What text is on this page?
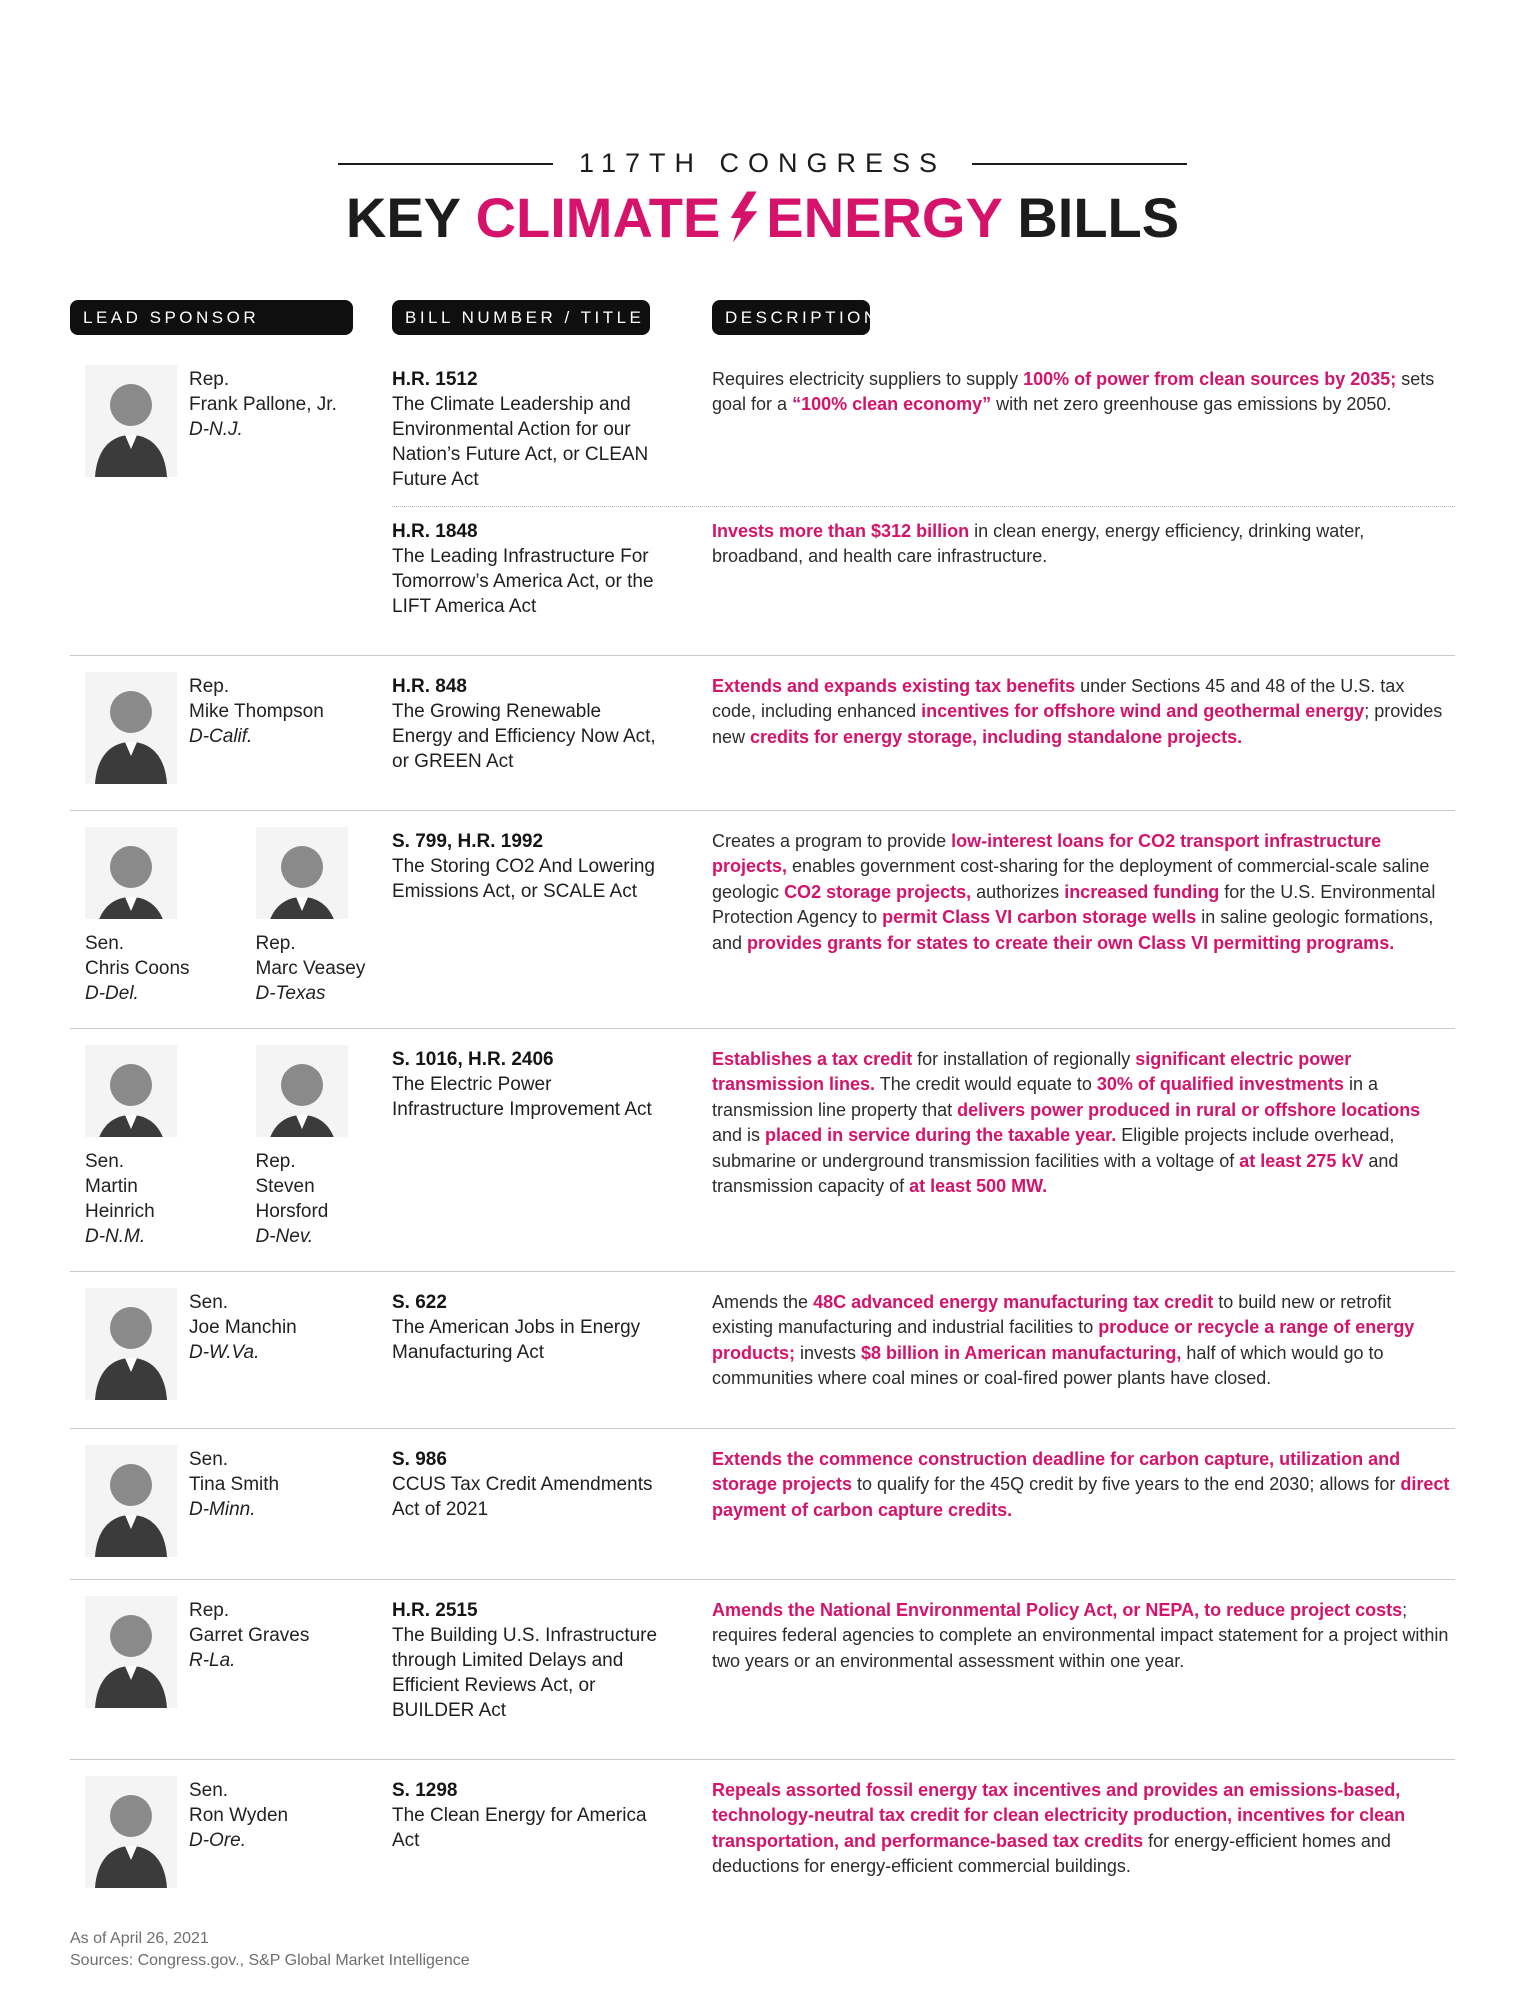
117TH CONGRESS
KEY CLIMATE ENERGY BILLS
LEAD SPONSOR	BILL NUMBER / TITLE	DESCRIPTION
Rep.
Frank Pallone, Jr.
D-N.J.
H.R. 1512
The Climate Leadership and Environmental Action for our Nation’s Future Act, or CLEAN Future Act
Requires electricity suppliers to supply 100% of power from clean sources by 2035; sets goal for a “100% clean economy” with net zero greenhouse gas emissions by 2050.
H.R. 1848
The Leading Infrastructure For Tomorrow’s America Act, or the LIFT America Act
Invests more than $312 billion in clean energy, energy efficiency, drinking water, broadband, and health care infrastructure.
Rep.
Mike Thompson
D-Calif.
H.R. 848
The Growing Renewable Energy and Efficiency Now Act, or GREEN Act
Extends and expands existing tax benefits under Sections 45 and 48 of the U.S. tax code, including enhanced incentives for offshore wind and geothermal energy; provides new credits for energy storage, including standalone projects.
Sen.
Chris Coons
D-Del.
Rep.
Marc Veasey
D-Texas
S. 799, H.R. 1992
The Storing CO2 And Lowering Emissions Act, or SCALE Act
Creates a program to provide low-interest loans for CO2 transport infrastructure projects, enables government cost-sharing for the deployment of commercial-scale saline geologic CO2 storage projects, authorizes increased funding for the U.S. Environmental Protection Agency to permit Class VI carbon storage wells in saline geologic formations, and provides grants for states to create their own Class VI permitting programs.
Sen.
Martin Heinrich
D-N.M.
Rep.
Steven Horsford
D-Nev.
S. 1016, H.R. 2406
The Electric Power Infrastructure Improvement Act
Establishes a tax credit for installation of regionally significant electric power transmission lines. The credit would equate to 30% of qualified investments in a transmission line property that delivers power produced in rural or offshore locations and is placed in service during the taxable year. Eligible projects include overhead, submarine or underground transmission facilities with a voltage of at least 275 kV and transmission capacity of at least 500 MW.
Sen.
Joe Manchin
D-W.Va.
S. 622
The American Jobs in Energy Manufacturing Act
Amends the 48C advanced energy manufacturing tax credit to build new or retrofit existing manufacturing and industrial facilities to produce or recycle a range of energy products; invests $8 billion in American manufacturing, half of which would go to communities where coal mines or coal-fired power plants have closed.
Sen.
Tina Smith
D-Minn.
S. 986
CCUS Tax Credit Amendments Act of 2021
Extends the commence construction deadline for carbon capture, utilization and storage projects to qualify for the 45Q credit by five years to the end 2030; allows for direct payment of carbon capture credits.
Rep.
Garret Graves
R-La.
H.R. 2515
The Building U.S. Infrastructure through Limited Delays and Efficient Reviews Act, or BUILDER Act
Amends the National Environmental Policy Act, or NEPA, to reduce project costs; requires federal agencies to complete an environmental impact statement for a project within two years or an environmental assessment within one year.
Sen.
Ron Wyden
D-Ore.
S. 1298
The Clean Energy for America Act
Repeals assorted fossil energy tax incentives and provides an emissions-based, technology-neutral tax credit for clean electricity production, incentives for clean transportation, and performance-based tax credits for energy-efficient homes and deductions for energy-efficient commercial buildings.
As of April 26, 2021
Sources: Congress.gov., S&P Global Market Intelligence
